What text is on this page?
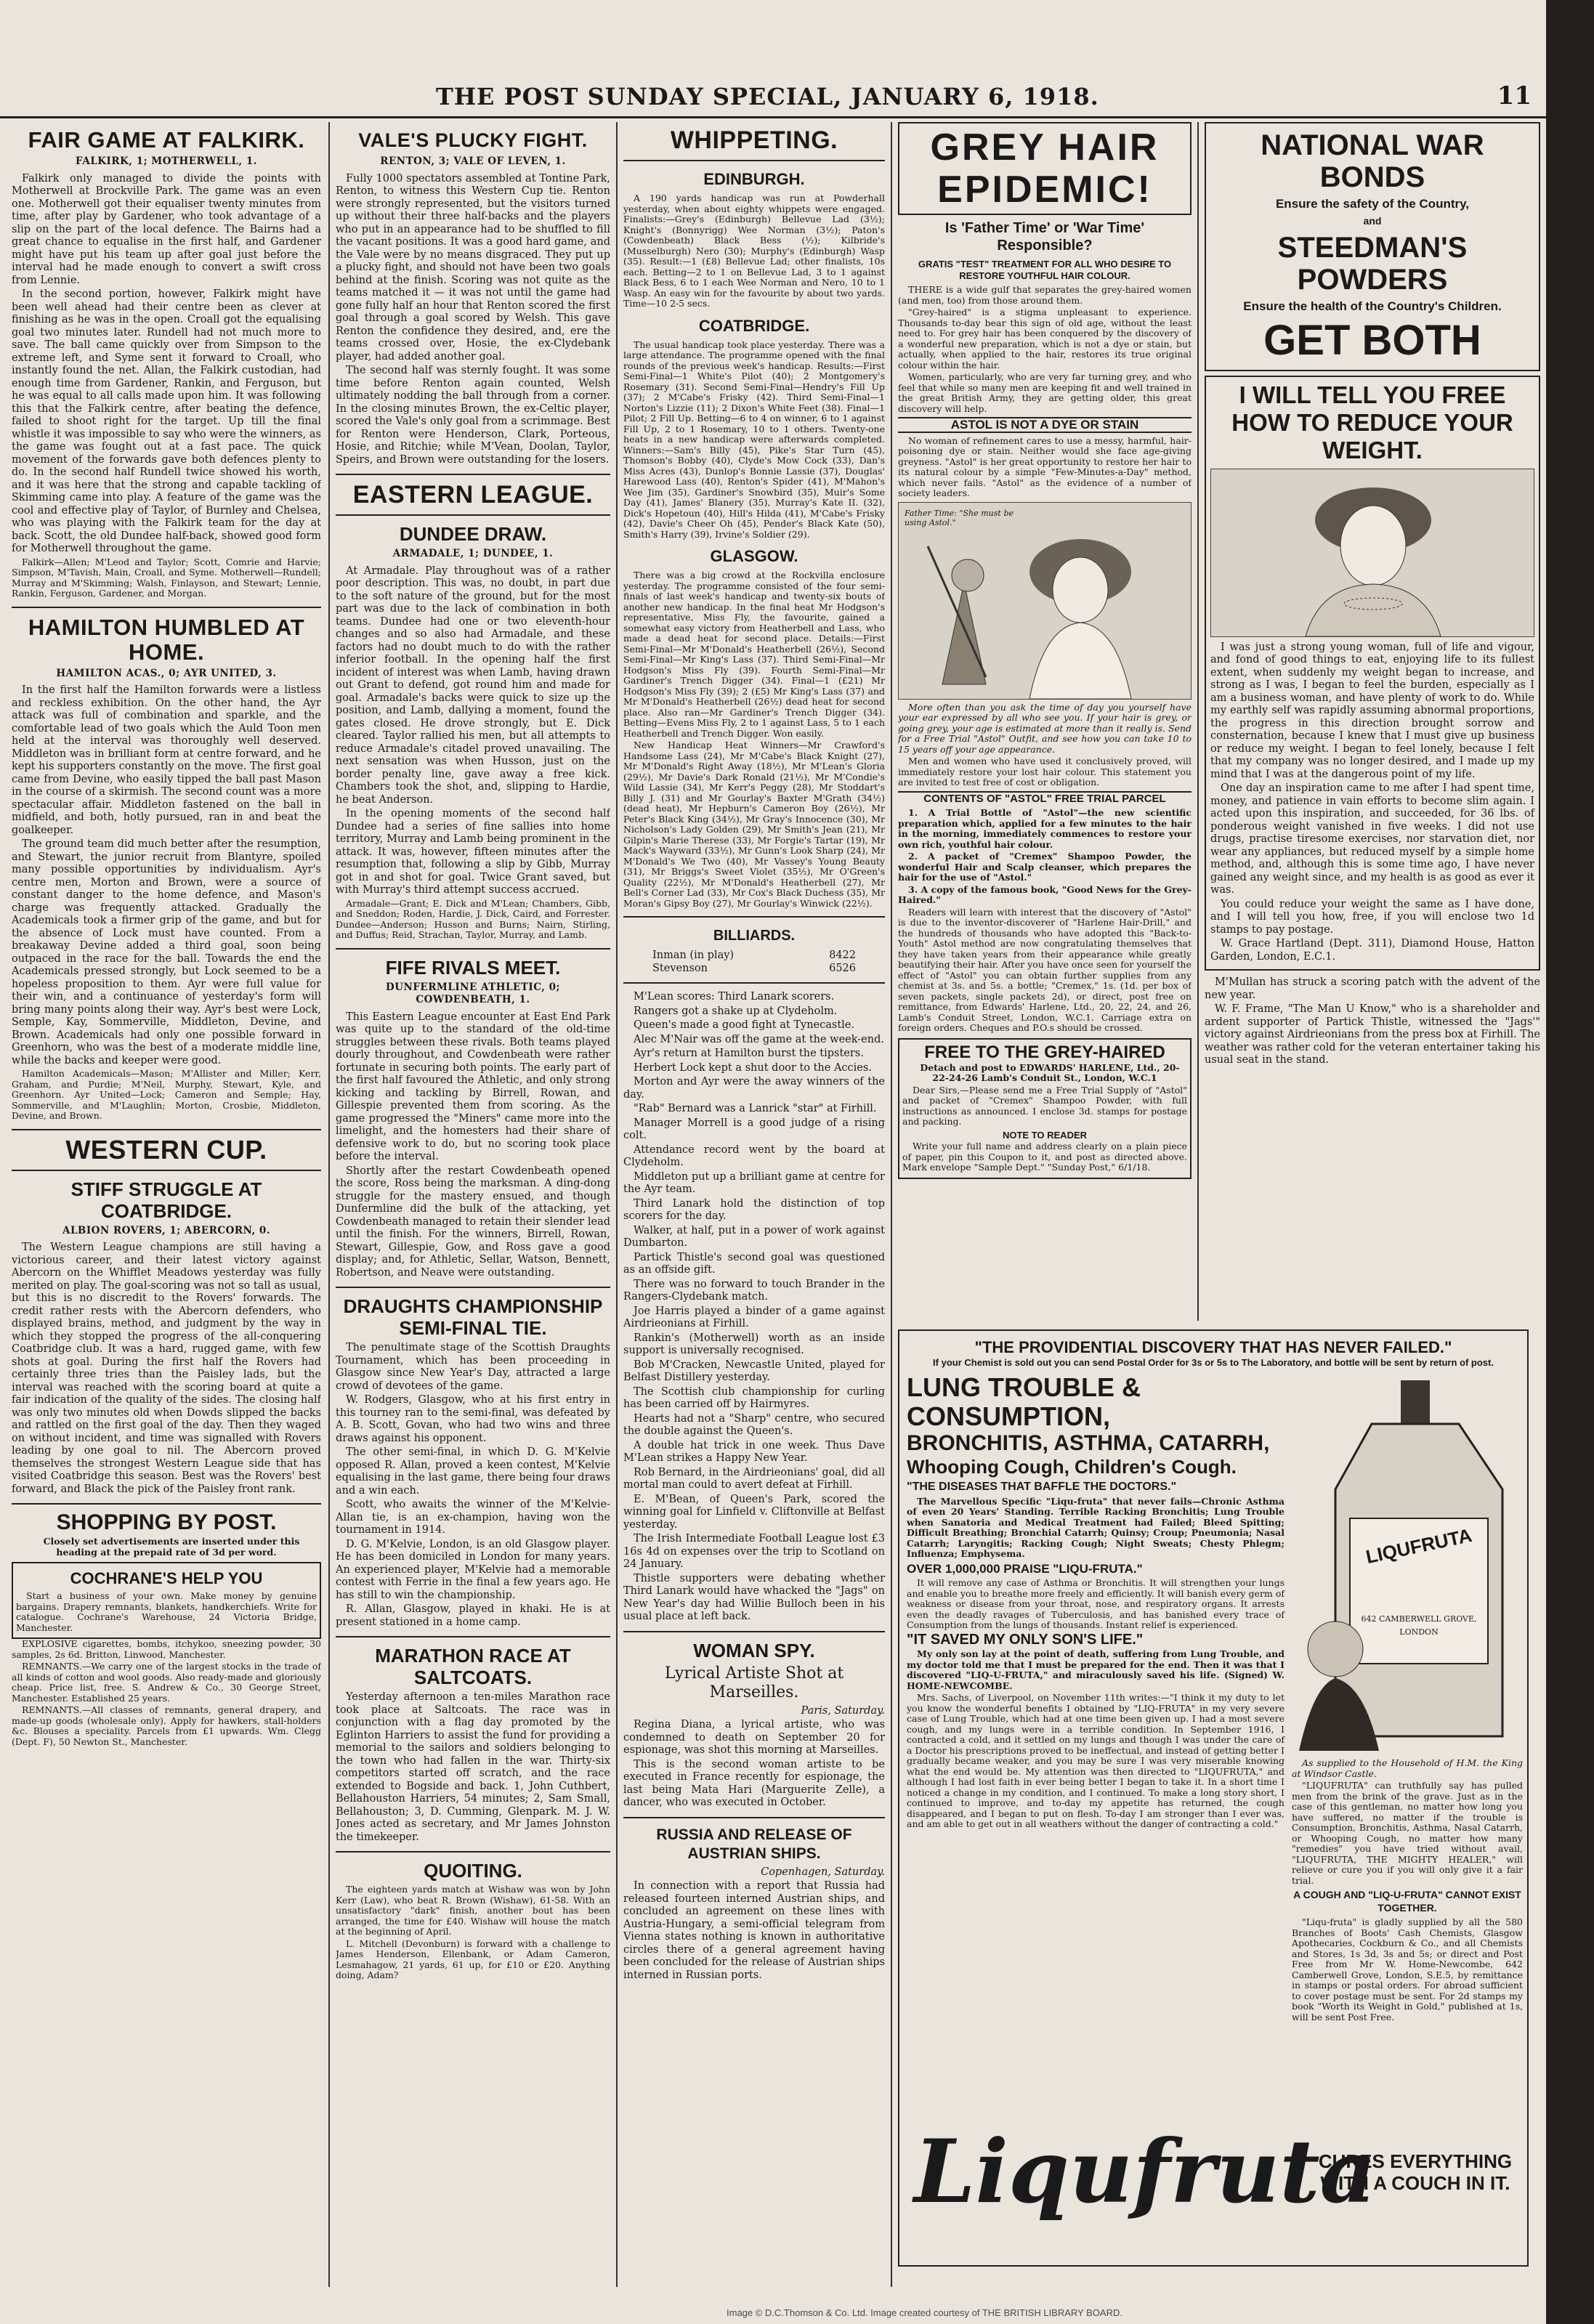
THE POST SUNDAY SPECIAL, JANUARY 6, 1918.	11
FAIR GAME AT FALKIRK.
FALKIRK, 1; MOTHERWELL, 1.

Falkirk only managed to divide the points with Motherwell at Brockville Park. The game was an even one. Motherwell got their equaliser twenty minutes from time, after play by Gardener, who took advantage of a slip on the part of the local defence. The Bairns had a great chance to equalise in the first half, and Gardener might have put his team up after goal just before the interval had he made enough to convert a swift cross from Lennie.

In the second portion, however, Falkirk might have been well ahead had their centre been as clever at finishing as he was in the open. Croall got the equalising goal two minutes later. Rundell had not much more to save. The ball came quickly over from Simpson to the extreme left, and Syme sent it forward to Croall, who instantly found the net. Allan, the Falkirk custodian, had enough time from Gardener, Rankin, and Ferguson, but he was equal to all calls made upon him. It was following this that the Falkirk centre, after beating the defence, failed to shoot right for the target. Up till the final whistle it was impossible to say who were the winners, as the game was fought out at a fast pace. The quick movement of the forwards gave both defences plenty to do. In the second half Rundell twice showed his worth, and it was here that the strong and capable tackling of Skimming came into play. A feature of the game was the cool and effective play of Taylor, of Burnley and Chelsea, who was playing with the Falkirk team for the day at back. Scott, the old Dundee half-back, showed good form for Motherwell throughout the game.

Falkirk—Allen; M'Leod and Taylor; Scott, Comrie and Harvie; Simpson, M'Tavish, Main, Croall, and Syme. Motherwell—Rundell; Murray and M'Skimming; Walsh, Finlayson, and Stewart; Lennie, Rankin, Ferguson, Gardener, and Morgan.

HAMILTON HUMBLED AT HOME.
HAMILTON ACAS., 0; AYR UNITED, 3.

In the first half the Hamilton forwards were a listless and reckless exhibition. On the other hand, the Ayr attack was full of combination and sparkle, and the comfortable lead of two goals which the Auld Toon men held at the interval was thoroughly well deserved. Middleton was in brilliant form at centre forward, and he kept his supporters constantly on the move. The first goal came from Devine, who easily tipped the ball past Mason in the course of a skirmish. The second count was a more spectacular affair. Middleton fastened on the ball in midfield, and both, hotly pursued, ran in and beat the goalkeeper.

The ground team did much better after the resumption, and Stewart, the junior recruit from Blantyre, spoiled many possible opportunities by individualism. Ayr's centre men, Morton and Brown, were a source of constant danger to the home defence, and Mason's charge was frequently attacked. Gradually the Academicals took a firmer grip of the game, and but for the absence of Lock must have counted. From a breakaway Devine added a third goal, soon being outpaced in the race for the ball. Towards the end the Academicals pressed strongly, but Lock seemed to be a hopeless proposition to them. Ayr were full value for their win, and a continuance of yesterday's form will bring many points along their way. Ayr's best were Lock, Semple, Kay, Sommerville, Middleton, Devine, and Brown. Academicals had only one possible forward in Greenhorn, who was the best of a moderate middle line, while the backs and keeper were good.

Hamilton Academicals—Mason; M'Allister and Miller; Kerr, Graham, and Purdie; M'Neil, Murphy, Stewart, Kyle, and Greenhorn. Ayr United—Lock; Cameron and Semple; Hay, Sommerville, and M'Laughlin; Morton, Crosbie, Middleton, Devine, and Brown.

WESTERN CUP.
STIFF STRUGGLE AT COATBRIDGE.
ALBION ROVERS, 1; ABERCORN, 0.

The Western League champions are still having a victorious career, and their latest victory against Abercorn on the Whifflet Meadows yesterday was fully merited on play. The goal-scoring was not so tall as usual, but this is no discredit to the Rovers' forwards. The credit rather rests with the Abercorn defenders, who displayed brains, method, and judgment by the way in which they stopped the progress of the all-conquering Coatbridge club. It was a hard, rugged game, with few shots at goal. During the first half the Rovers had certainly three tries than the Paisley lads, but the interval was reached with the scoring board at quite a fair indication of the quality of the sides. The closing half was only two minutes old when Dowds slipped the backs and rattled on the first goal of the day. Then they waged on without incident, and time was signalled with Rovers leading by one goal to nil. The Abercorn proved themselves the strongest Western League side that has visited Coatbridge this season. Best was the Rovers' best forward, and Black the pick of the Paisley front rank.

SHOPPING BY POST.

Closely set advertisements are inserted under this heading at the prepaid rate of 3d per word.

COCHRANE'S HELP YOU

Start a business of your own. Make money by genuine bargains. Drapery remnants, blankets, handkerchiefs. Write for catalogue. Cochrane's Warehouse, 24 Victoria Bridge, Manchester.

EXPLOSIVE cigarettes, bombs, itchykoo, sneezing powder, 30 samples, 2s 6d. Britton, Linwood, Manchester.

REMNANTS.—We carry one of the largest stocks in the trade of all kinds of cotton and wool goods. Also ready-made and gloriously cheap. Price list, free. S. Andrew & Co., 30 George Street, Manchester. Established 25 years.

REMNANTS.—All classes of remnants, general drapery, and made-up goods (wholesale only). Apply for hawkers, stall-holders &c. Blouses a speciality. Parcels from £1 upwards. Wm. Clegg (Dept. F), 50 Newton St., Manchester.

VALE'S PLUCKY FIGHT.
RENTON, 3; VALE OF LEVEN, 1.

Fully 1000 spectators assembled at Tontine Park, Renton, to witness this Western Cup tie. Renton were strongly represented, but the visitors turned up without their three half-backs and the players who put in an appearance had to be shuffled to fill the vacant positions. It was a good hard game, and the Vale were by no means disgraced. They put up a plucky fight, and should not have been two goals behind at the finish. Scoring was not quite as the teams matched it — it was not until the game had gone fully half an hour that Renton scored the first goal through a goal scored by Welsh. This gave Renton the confidence they desired, and, ere the teams crossed over, Hosie, the ex-Clydebank player, had added another goal.

The second half was sternly fought. It was some time before Renton again counted, Welsh ultimately nodding the ball through from a corner. In the closing minutes Brown, the ex-Celtic player, scored the Vale's only goal from a scrimmage. Best for Renton were Henderson, Clark, Porteous, Hosie, and Ritchie; while M'Vean, Doolan, Taylor, Speirs, and Brown were outstanding for the losers.

EASTERN LEAGUE.
DUNDEE DRAW.
ARMADALE, 1; DUNDEE, 1.

At Armadale. Play throughout was of a rather poor description. This was, no doubt, in part due to the soft nature of the ground, but for the most part was due to the lack of combination in both teams. Dundee had one or two eleventh-hour changes and so also had Armadale, and these factors had no doubt much to do with the rather inferior football. In the opening half the first incident of interest was when Lamb, having drawn out Grant to defend, got round him and made for goal. Armadale's backs were quick to size up the position, and Lamb, dallying a moment, found the gates closed. He drove strongly, but E. Dick cleared. Taylor rallied his men, but all attempts to reduce Armadale's citadel proved unavailing. The next sensation was when Husson, just on the border penalty line, gave away a free kick. Chambers took the shot, and, slipping to Hardie, he beat Anderson.

In the opening moments of the second half Dundee had a series of fine sallies into home territory, Murray and Lamb being prominent in the attack. It was, however, fifteen minutes after the resumption that, following a slip by Gibb, Murray got in and shot for goal. Twice Grant saved, but with Murray's third attempt success accrued.

Armadale—Grant; E. Dick and M'Lean; Chambers, Gibb, and Sneddon; Roden, Hardie, J. Dick, Caird, and Forrester. Dundee—Anderson; Husson and Burns; Nairn, Stirling, and Duffus; Reid, Strachan, Taylor, Murray, and Lamb.

FIFE RIVALS MEET.
DUNFERMLINE ATHLETIC, 0; COWDENBEATH, 1.

This Eastern League encounter at East End Park was quite up to the standard of the old-time struggles between these rivals. Both teams played dourly throughout, and Cowdenbeath were rather fortunate in securing both points. The early part of the first half favoured the Athletic, and only strong kicking and tackling by Birrell, Rowan, and Gillespie prevented them from scoring. As the game progressed the "Miners" came more into the limelight, and the homesters had their share of defensive work to do, but no scoring took place before the interval.

Shortly after the restart Cowdenbeath opened the score, Ross being the marksman. A ding-dong struggle for the mastery ensued, and though Dunfermline did the bulk of the attacking, yet Cowdenbeath managed to retain their slender lead until the finish. For the winners, Birrell, Rowan, Stewart, Gillespie, Gow, and Ross gave a good display; and, for Athletic, Sellar, Watson, Bennett, Robertson, and Neave were outstanding.

DRAUGHTS CHAMPIONSHIP SEMI-FINAL TIE.

The penultimate stage of the Scottish Draughts Tournament, which has been proceeding in Glasgow since New Year's Day, attracted a large crowd of devotees of the game.

W. Rodgers, Glasgow, who at his first entry in this tourney ran to the semi-final, was defeated by A. B. Scott, Govan, who had two wins and three draws against his opponent.

The other semi-final, in which D. G. M'Kelvie opposed R. Allan, proved a keen contest, M'Kelvie equalising in the last game, there being four draws and a win each.

Scott, who awaits the winner of the M'Kelvie-Allan tie, is an ex-champion, having won the tournament in 1914.

D. G. M'Kelvie, London, is an old Glasgow player. He has been domiciled in London for many years. An experienced player, M'Kelvie had a memorable contest with Ferrie in the final a few years ago. He has still to win the championship.

R. Allan, Glasgow, played in khaki. He is at present stationed in a home camp.

MARATHON RACE AT SALTCOATS.

Yesterday afternoon a ten-miles Marathon race took place at Saltcoats. The race was in conjunction with a flag day promoted by the Eglinton Harriers to assist the fund for providing a memorial to the sailors and soldiers belonging to the town who had fallen in the war. Thirty-six competitors started off scratch, and the race extended to Bogside and back. 1, John Cuthbert, Bellahouston Harriers, 54 minutes; 2, Sam Small, Bellahouston; 3, D. Cumming, Glenpark. M. J. W. Jones acted as secretary, and Mr James Johnston the timekeeper.

QUOITING.

The eighteen yards match at Wishaw was won by John Kerr (Law), who beat R. Brown (Wishaw), 61-58. With an unsatisfactory "dark" finish, another bout has been arranged, the time for £40. Wishaw will house the match at the beginning of April.

L. Mitchell (Devonburn) is forward with a challenge to James Henderson, Ellenbank, or Adam Cameron, Lesmahagow, 21 yards, 61 up, for £10 or £20. Anything doing, Adam?

WHIPPETING.
EDINBURGH.

A 190 yards handicap was run at Powderhall yesterday, when about eighty whippets were engaged. Finalists:—Grey's (Edinburgh) Bellevue Lad (3½); Knight's (Bonnyrigg) Wee Norman (3½); Paton's (Cowdenbeath) Black Bess (½); Kilbride's (Musselburgh) Nero (30); Murphy's (Edinburgh) Wasp (35). Result:—1 (£8) Bellevue Lad; other finalists, 10s each. Betting—2 to 1 on Bellevue Lad, 3 to 1 against Black Bess, 6 to 1 each Wee Norman and Nero, 10 to 1 Wasp. An easy win for the favourite by about two yards. Time—10 2-5 secs.

COATBRIDGE.

The usual handicap took place yesterday. There was a large attendance. The programme opened with the final rounds of the previous week's handicap. Results:—First Semi-Final—1 White's Pilot (40); 2 Montgomery's Rosemary (31). Second Semi-Final—Hendry's Fill Up (37); 2 M'Cabe's Frisky (42). Third Semi-Final—1 Norton's Lizzie (11); 2 Dixon's White Feet (38). Final—1 Pilot; 2 Fill Up. Betting—6 to 4 on winner, 6 to 1 against Fill Up, 2 to 1 Rosemary, 10 to 1 others. Twenty-one heats in a new handicap were afterwards completed. Winners:—Sam's Billy (45), Pike's Star Turn (45), Thomson's Bobby (40), Clyde's Mow Cock (33), Dan's Miss Acres (43), Dunlop's Bonnie Lassie (37), Douglas' Harewood Lass (40), Renton's Spider (41), M'Mahon's Wee Jim (35), Gardiner's Snowbird (35), Muir's Some Day (41), James' Blanery (35), Murray's Kate II. (32), Dick's Hopetoun (40), Hill's Hilda (41), M'Cabe's Frisky (42), Davie's Cheer Oh (45), Pender's Black Kate (50), Smith's Harry (39), Irvine's Soldier (29).

GLASGOW.

There was a big crowd at the Rockvilla enclosure yesterday. The programme consisted of the four semi-finals of last week's handicap and twenty-six bouts of another new handicap. In the final heat Mr Hodgson's representative, Miss Fly, the favourite, gained a somewhat easy victory from Heatherbell and Lass, who made a dead heat for second place. Details:—First Semi-Final—Mr M'Donald's Heatherbell (26½), Second Semi-Final—Mr King's Lass (37). Third Semi-Final—Mr Hodgson's Miss Fly (39). Fourth Semi-Final—Mr Gardiner's Trench Digger (34). Final—1 (£21) Mr Hodgson's Miss Fly (39); 2 (£5) Mr King's Lass (37) and Mr M'Donald's Heatherbell (26½) dead heat for second place. Also ran—Mr Gardiner's Trench Digger (34). Betting—Evens Miss Fly, 2 to 1 against Lass, 5 to 1 each Heatherbell and Trench Digger. Won easily.

New Handicap Heat Winners—Mr Crawford's Handsome Lass (24), Mr M'Cabe's Black Knight (27), Mr M'Donald's Right Away (18½), Mr M'Lean's Gloria (29½), Mr Davie's Dark Ronald (21½), Mr M'Condie's Wild Lassie (34), Mr Kerr's Peggy (28), Mr Stoddart's Billy J. (31) and Mr Gourlay's Baxter M'Grath (34½) (dead heat), Mr Hepburn's Cameron Boy (26½), Mr Peter's Black King (34½), Mr Gray's Innocence (30), Mr Nicholson's Lady Golden (29), Mr Smith's Jean (21), Mr Gilpin's Marie Therese (33), Mr Forgie's Tartar (19), Mr Mack's Wayward (33½), Mr Gunn's Look Sharp (24), Mr M'Donald's We Two (40), Mr Vassey's Young Beauty (31), Mr Briggs's Sweet Violet (35½), Mr O'Green's Quality (22½), Mr M'Donald's Heatherbell (27), Mr Bell's Corner Lad (33), Mr Cox's Black Duchess (35), Mr Moran's Gipsy Boy (27), Mr Gourlay's Winwick (22½).

BILLIARDS.
Inman (in play)	8422
Stevenson	6526

M'Lean scores: Third Lanark scorers.

Rangers got a shake up at Clydeholm.

Queen's made a good fight at Tynecastle.

Alec M'Nair was off the game at the week-end.

Ayr's return at Hamilton burst the tipsters.

Herbert Lock kept a shut door to the Accies.

Morton and Ayr were the away winners of the day.

"Rab" Bernard was a Lanrick "star" at Firhill.

Manager Morrell is a good judge of a rising colt.

Attendance record went by the board at Clydeholm.

Middleton put up a brilliant game at centre for the Ayr team.

Third Lanark hold the distinction of top scorers for the day.

Walker, at half, put in a power of work against Dumbarton.

Partick Thistle's second goal was questioned as an offside gift.

There was no forward to touch Brander in the Rangers-Clydebank match.

Joe Harris played a binder of a game against Airdrieonians at Firhill.

Rankin's (Motherwell) worth as an inside support is universally recognised.

Bob M'Cracken, Newcastle United, played for Belfast Distillery yesterday.

The Scottish club championship for curling has been carried off by Hairmyres.

Hearts had not a "Sharp" centre, who secured the double against the Queen's.

A double hat trick in one week. Thus Dave M'Lean strikes a Happy New Year.

Rob Bernard, in the Airdrieonians' goal, did all mortal man could to avert defeat at Firhill.

E. M'Bean, of Queen's Park, scored the winning goal for Linfield v. Cliftonville at Belfast yesterday.

The Irish Intermediate Football League lost £3 16s 4d on expenses over the trip to Scotland on 24 January.

Thistle supporters were debating whether Third Lanark would have whacked the "Jags" on New Year's day had Willie Bulloch been in his usual place at left back.

WOMAN SPY.
Lyrical Artiste Shot at Marseilles.

Paris, Saturday.

Regina Diana, a lyrical artiste, who was condemned to death on September 20 for espionage, was shot this morning at Marseilles.

This is the second woman artiste to be executed in France recently for espionage, the last being Mata Hari (Marguerite Zelle), a dancer, who was executed in October.

RUSSIA AND RELEASE OF AUSTRIAN SHIPS.

Copenhagen, Saturday.

In connection with a report that Russia had released fourteen interned Austrian ships, and concluded an agreement on these lines with Austria-Hungary, a semi-official telegram from Vienna states nothing is known in authoritative circles there of a general agreement having been concluded for the release of Austrian ships interned in Russian ports.

GREY HAIR EPIDEMIC!
Is 'Father Time' or 'War Time' Responsible?
GRATIS "TEST" TREATMENT FOR ALL WHO DESIRE TO RESTORE YOUTHFUL HAIR COLOUR.

THERE is a wide gulf that separates the grey-haired women (and men, too) from those around them.

"Grey-haired" is a stigma unpleasant to experience. Thousands to-day bear this sign of old age, without the least need to. For grey hair has been conquered by the discovery of a wonderful new preparation, which is not a dye or stain, but actually, when applied to the hair, restores its true original colour within the hair.

Women, particularly, who are very far turning grey, and who feel that while so many men are keeping fit and well trained in the great British Army, they are getting older, this great discovery will help.

ASTOL IS NOT A DYE OR STAIN

No woman of refinement cares to use a messy, harmful, hair-poisoning dye or stain. Neither would she face age-giving greyness. "Astol" is her great opportunity to restore her hair to its natural colour by a simple "Few-Minutes-a-Day" method, which never fails. "Astol" as the evidence of a number of society leaders.

Father Time: "She must be using Astol."

More often than you ask the time of day you yourself have your ear expressed by all who see you. If your hair is grey, or going grey, your age is estimated at more than it really is. Send for a Free Trial "Astol" Outfit, and see how you can take 10 to 15 years off your age appearance.

Men and women who have used it conclusively proved, will immediately restore your lost hair colour. This statement you are invited to test free of cost or obligation.

CONTENTS OF "ASTOL" FREE TRIAL PARCEL

1. A Trial Bottle of "Astol"—the new scientific preparation which, applied for a few minutes to the hair in the morning, immediately commences to restore your own rich, youthful hair colour.

2. A packet of "Cremex" Shampoo Powder, the wonderful Hair and Scalp cleanser, which prepares the hair for the use of "Astol."

3. A copy of the famous book, "Good News for the Grey-Haired."

Readers will learn with interest that the discovery of "Astol" is due to the inventor-discoverer of "Harlene Hair-Drill," and the hundreds of thousands who have adopted this "Back-to-Youth" Astol method are now congratulating themselves that they have taken years from their appearance while greatly beautifying their hair. After you have once seen for yourself the effect of "Astol" you can obtain further supplies from any chemist at 3s. and 5s. a bottle; "Cremex," 1s. (1d. per box of seven packets, single packets 2d), or direct, post free on remittance, from Edwards' Harlene, Ltd., 20, 22, 24, and 26, Lamb's Conduit Street, London, W.C.1. Carriage extra on foreign orders. Cheques and P.O.s should be crossed.

FREE TO THE GREY-HAIRED

Detach and post to EDWARDS' HARLENE, Ltd., 20-22-24-26 Lamb's Conduit St., London, W.C.1

Dear Sirs,—Please send me a Free Trial Supply of "Astol" and packet of "Cremex" Shampoo Powder, with full instructions as announced. I enclose 3d. stamps for postage and packing.

NOTE TO READER

Write your full name and address clearly on a plain piece of paper, pin this Coupon to it, and post as directed above. Mark envelope "Sample Dept." "Sunday Post," 6/1/18.

NATIONAL WAR BONDS
Ensure the safety of the Country,
and
STEEDMAN'S POWDERS
Ensure the health of the Country's Children.
GET BOTH
I WILL TELL YOU FREE HOW TO REDUCE YOUR WEIGHT.

I was just a strong young woman, full of life and vigour, and fond of good things to eat, enjoying life to its fullest extent, when suddenly my weight began to increase, and strong as I was, I began to feel the burden, especially as I am a business woman, and have plenty of work to do. While my earthly self was rapidly assuming abnormal proportions, the progress in this direction brought sorrow and consternation, because I knew that I must give up business or reduce my weight. I began to feel lonely, because I felt that my company was no longer desired, and I made up my mind that I was at the dangerous point of my life.

One day an inspiration came to me after I had spent time, money, and patience in vain efforts to become slim again. I acted upon this inspiration, and succeeded, for 36 lbs. of ponderous weight vanished in five weeks. I did not use drugs, practise tiresome exercises, nor starvation diet, nor wear any appliances, but reduced myself by a simple home method, and, although this is some time ago, I have never gained any weight since, and my health is as good as ever it was.

You could reduce your weight the same as I have done, and I will tell you how, free, if you will enclose two 1d stamps to pay postage.

W. Grace Hartland (Dept. 311), Diamond House, Hatton Garden, London, E.C.1.

M'Mullan has struck a scoring patch with the advent of the new year.

W. F. Frame, "The Man U Know," who is a shareholder and ardent supporter of Partick Thistle, witnessed the "Jags'" victory against Airdrieonians from the press box at Firhill. The weather was rather cold for the veteran entertainer taking his usual seat in the stand.

"THE PROVIDENTIAL DISCOVERY THAT HAS NEVER FAILED."
If your Chemist is sold out you can send Postal Order for 3s or 5s to The Laboratory, and bottle will be sent by return of post.
LUNG TROUBLE & CONSUMPTION,
BRONCHITIS, ASTHMA, CATARRH,
Whooping Cough, Children's Cough.
"THE DISEASES THAT BAFFLE THE DOCTORS."

The Marvellous Specific "Liqu-fruta" that never fails—Chronic Asthma of even 20 Years' Standing. Terrible Racking Bronchitis; Lung Trouble when Sanatoria and Medical Treatment had Failed; Bleed Spitting; Difficult Breathing; Bronchial Catarrh; Quinsy; Croup; Pneumonia; Nasal Catarrh; Laryngitis; Racking Cough; Night Sweats; Chesty Phlegm; Influenza; Emphysema.

OVER 1,000,000 PRAISE "LIQU-FRUTA."

It will remove any case of Asthma or Bronchitis. It will strengthen your lungs and enable you to breathe more freely and efficiently. It will banish every germ of weakness or disease from your throat, nose, and respiratory organs. It arrests even the deadly ravages of Tuberculosis, and has banished every trace of Consumption from the lungs of thousands. Instant relief is experienced.

"IT SAVED MY ONLY SON'S LIFE."

My only son lay at the point of death, suffering from Lung Trouble, and my doctor told me that I must be prepared for the end. Then it was that I discovered "LIQ-U-FRUTA," and miraculously saved his life. (Signed) W. HOME-NEWCOMBE.

Mrs. Sachs, of Liverpool, on November 11th writes:—"I think it my duty to let you know the wonderful benefits I obtained by "LIQ-FRUTA" in my very severe case of Lung Trouble, which had at one time been given up. I had a most severe cough, and my lungs were in a terrible condition. In September 1916, I contracted a cold, and it settled on my lungs and though I was under the care of a Doctor his prescriptions proved to be ineffectual, and instead of getting better I gradually became weaker, and you may be sure I was very miserable knowing what the end would be. My attention was then directed to "LIQUFRUTA," and although I had lost faith in ever being better I began to take it. In a short time I noticed a change in my condition, and I continued. To make a long story short, I continued to improve, and to-day my appetite has returned, the cough disappeared, and I began to put on flesh. To-day I am stronger than I ever was, and am able to get out in all weathers without the danger of contracting a cold."

LIQUFRUTA
642 CAMBERWELL GROVE, LONDON

As supplied to the Household of H.M. the King at Windsor Castle.

"LIQUFRUTA" can truthfully say has pulled men from the brink of the grave. Just as in the case of this gentleman, no matter how long you have suffered, no matter if the trouble is Consumption, Bronchitis, Asthma, Nasal Catarrh, or Whooping Cough, no matter how many "remedies" you have tried without avail, "LIQUFRUTA, THE MIGHTY HEALER," will relieve or cure you if you will only give it a fair trial.

A COUGH AND "LIQ-U-FRUTA" CANNOT EXIST TOGETHER.

"Liqu-fruta" is gladly supplied by all the 580 Branches of Boots' Cash Chemists, Glasgow Apothecaries, Cockburn & Co., and all Chemists and Stores, 1s 3d, 3s and 5s; or direct and Post Free from Mr W. Home-Newcombe, 642 Camberwell Grove, London, S.E.5, by remittance in stamps or postal orders. For abroad sufficient to cover postage must be sent. For 2d stamps my book "Worth its Weight in Gold," published at 1s, will be sent Post Free.

Liqufruta
CURES EVERYTHING WITH A COUCH IN IT.
Image © D.C.Thomson & Co. Ltd. Image created courtesy of THE BRITISH LIBRARY BOARD.
